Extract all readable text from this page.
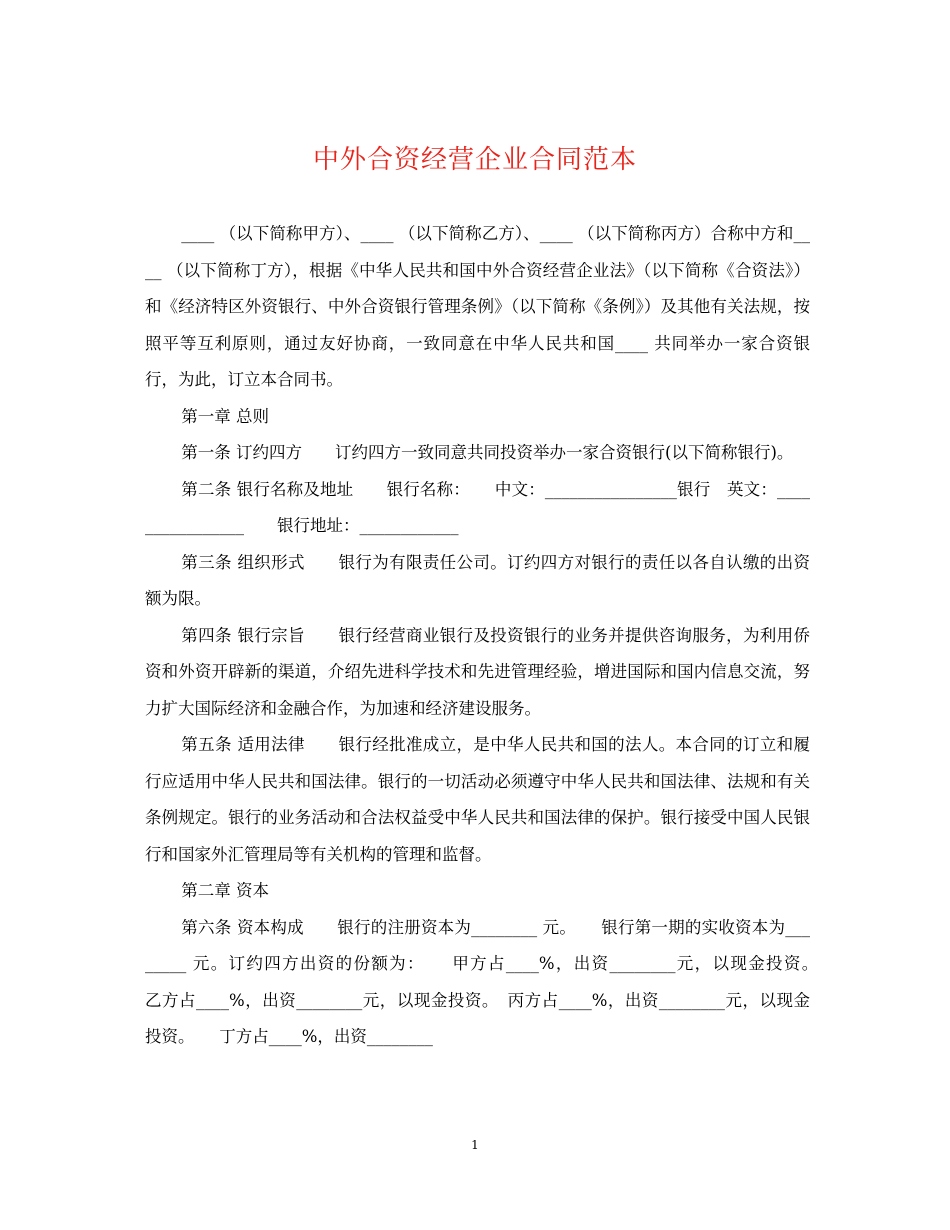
中外合资经营企业合同范本

____ （以下简称甲方）、____ （以下简称乙方）、____ （以下简称丙方）合称中方和____ （以下简称丁方），根据《中华人民共和国中外合资经营企业法》（以下简称《合资法》）和《经济特区外资银行、中外合资银行管理条例》（以下简称《条例》）及其他有关法规，按照平等互利原则，通过友好协商，一致同意在中华人民共和国____ 共同举办一家合资银行，为此，订立本合同书。

第一章 总则

第一条 订约四方　　订约四方一致同意共同投资举办一家合资银行(以下简称银行)。

第二条 银行名称及地址　　银行名称：　　中文：________________银行　英文：________________　　银行地址：____________

第三条 组织形式　　银行为有限责任公司。订约四方对银行的责任以各自认缴的出资额为限。

第四条 银行宗旨　　银行经营商业银行及投资银行的业务并提供咨询服务，为利用侨资和外资开辟新的渠道，介绍先进科学技术和先进管理经验，增进国际和国内信息交流，努力扩大国际经济和金融合作，为加速和经济建设服务。

第五条 适用法律　　银行经批准成立，是中华人民共和国的法人。本合同的订立和履行应适用中华人民共和国法律。银行的一切活动必须遵守中华人民共和国法律、法规和有关条例规定。银行的业务活动和合法权益受中华人民共和国法律的保护。银行接受中国人民银行和国家外汇管理局等有关机构的管理和监督。

第二章 资本

第六条 资本构成　　银行的注册资本为________ 元。　　银行第一期的实收资本为________ 元。订约四方出资的份额为：　　甲方占____%，出资________元，以现金投资。　　乙方占____%，出资________元，以现金投资。　丙方占____%，出资________元，以现金投资。　　丁方占____%，出资________

1
